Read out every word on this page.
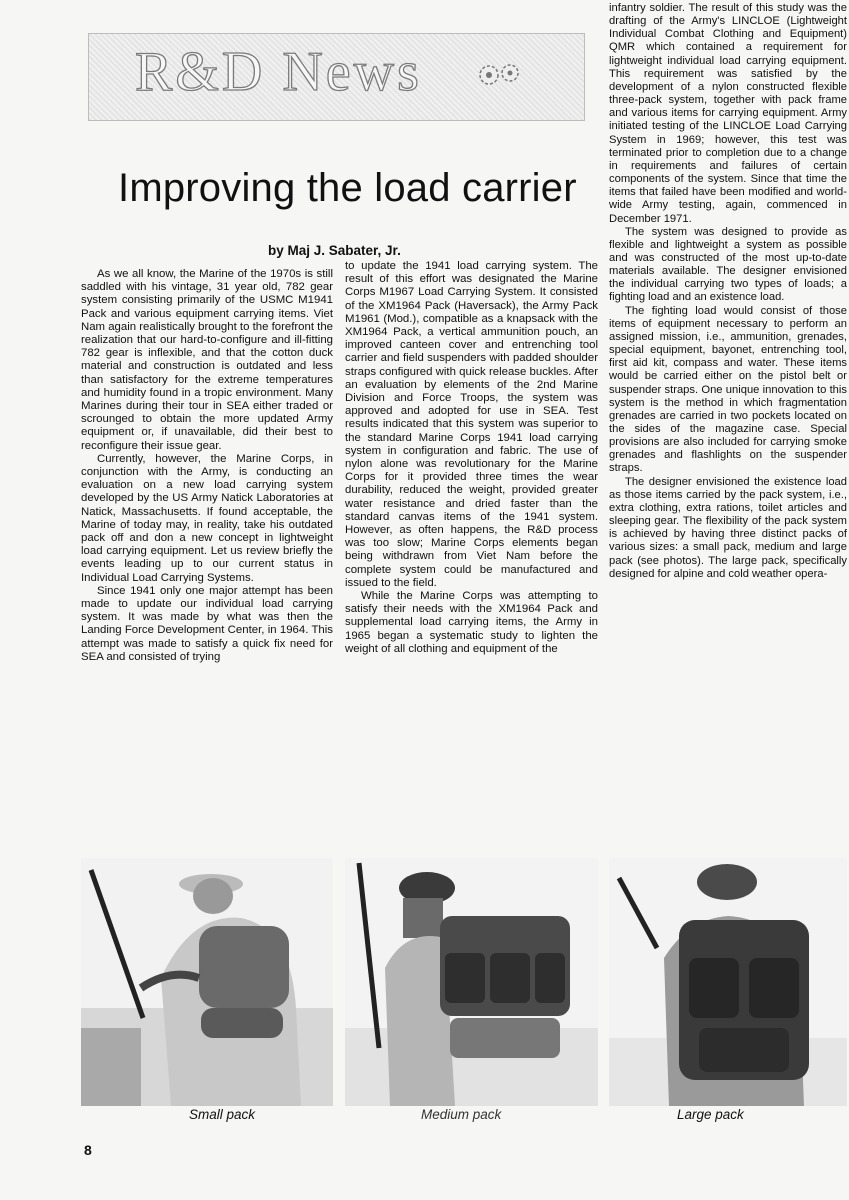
R&D News
Improving the load carrier
by Maj J. Sabater, Jr.

As we all know, the Marine of the 1970s is still saddled with his vintage, 31 year old, 782 gear system consisting primarily of the USMC M1941 Pack and various equipment carrying items. Viet Nam again realistically brought to the forefront the realization that our hard-to-configure and ill-fitting 782 gear is inflexible, and that the cotton duck material and construction is outdated and less than satisfactory for the extreme temperatures and humidity found in a tropic environment. Many Marines during their tour in SEA either traded or scrounged to obtain the more updated Army equipment or, if unavailable, did their best to reconfigure their issue gear.

Currently, however, the Marine Corps, in conjunction with the Army, is conducting an evaluation on a new load carrying system developed by the US Army Natick Laboratories at Natick, Massachusetts. If found acceptable, the Marine of today may, in reality, take his outdated pack off and don a new concept in lightweight load carrying equipment. Let us review briefly the events leading up to our current status in Individual Load Carrying Systems.

Since 1941 only one major attempt has been made to update our individual load carrying system. It was made by what was then the Landing Force Development Center, in 1964. This attempt was made to satisfy a quick fix need for SEA and consisted of trying

to update the 1941 load carrying system. The result of this effort was designated the Marine Corps M1967 Load Carrying System. It consisted of the XM1964 Pack (Haversack), the Army Pack M1961 (Mod.), compatible as a knapsack with the XM1964 Pack, a vertical ammunition pouch, an improved canteen cover and entrenching tool carrier and field suspenders with padded shoulder straps configured with quick release buckles. After an evaluation by elements of the 2nd Marine Division and Force Troops, the system was approved and adopted for use in SEA. Test results indicated that this system was superior to the standard Marine Corps 1941 load carrying system in configuration and fabric. The use of nylon alone was revolutionary for the Marine Corps for it provided three times the wear durability, reduced the weight, provided greater water resistance and dried faster than the standard canvas items of the 1941 system. However, as often happens, the R&D process was too slow; Marine Corps elements began being withdrawn from Viet Nam before the complete system could be manufactured and issued to the field.

While the Marine Corps was attempting to satisfy their needs with the XM1964 Pack and supplemental load carrying items, the Army in 1965 began a systematic study to lighten the weight of all clothing and equipment of the

infantry soldier. The result of this study was the drafting of the Army's LINCLOE (Lightweight Individual Combat Clothing and Equipment) QMR which contained a requirement for lightweight individual load carrying equipment. This requirement was satisfied by the development of a nylon constructed flexible three-pack system, together with pack frame and various items for carrying equipment. Army initiated testing of the LINCLOE Load Carrying System in 1969; however, this test was terminated prior to completion due to a change in requirements and failures of certain components of the system. Since that time the items that failed have been modified and world-wide Army testing, again, commenced in December 1971.

The system was designed to provide as flexible and lightweight a system as possible and was constructed of the most up-to-date materials available. The designer envisioned the individual carrying two types of loads; a fighting load and an existence load.

The fighting load would consist of those items of equipment necessary to perform an assigned mission, i.e., ammunition, grenades, special equipment, bayonet, entrenching tool, first aid kit, compass and water. These items would be carried either on the pistol belt or suspender straps. One unique innovation to this system is the method in which fragmentation grenades are carried in two pockets located on the sides of the magazine case. Special provisions are also included for carrying smoke grenades and flashlights on the suspender straps.

The designer envisioned the existence load as those items carried by the pack system, i.e., extra clothing, extra rations, toilet articles and sleeping gear. The flexibility of the pack system is achieved by having three distinct packs of various sizes: a small pack, medium and large pack (see photos). The large pack, specifically designed for alpine and cold weather opera-

Small pack	Medium pack	Large pack
8
